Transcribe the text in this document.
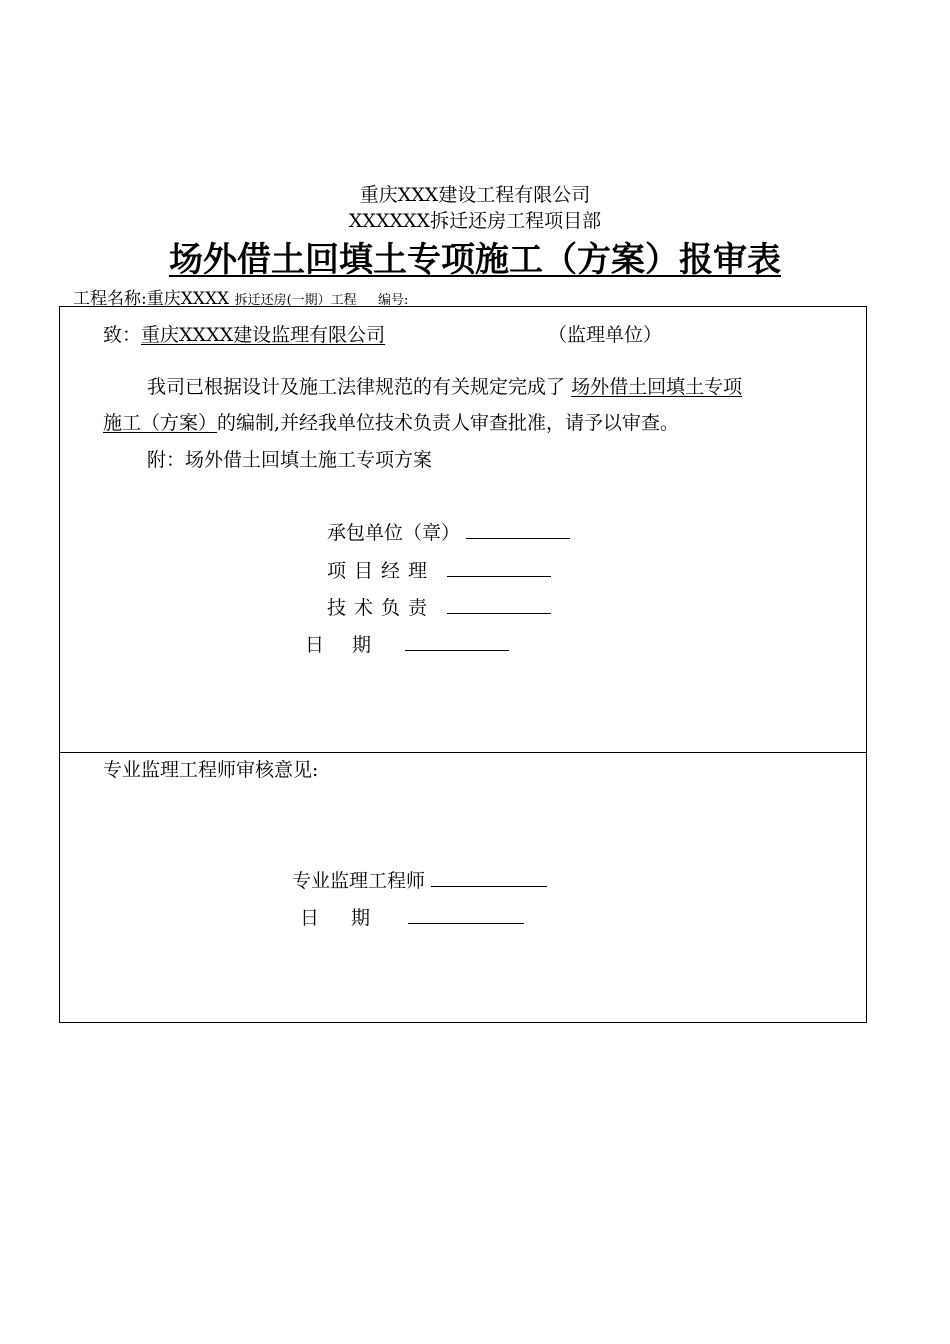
重庆XXX建设工程有限公司
XXXXXX拆迁还房工程项目部
场外借土回填土专项施工（方案）报审表
工程名称:重庆XXXX 拆迁还房(一期）工程 编号:
致：重庆XXXX建设监理有限公司	（监理单位）
我司已根据设计及施工法律规范的有关规定完成了 场外借土回填土专项
施工（方案）的编制,并经我单位技术负责人审查批准，请予以审查。
附：场外借土回填土施工专项方案
承包单位（章）
项目经理
技术负责
日期
专业监理工程师审核意见:
专业监理工程师
日期
